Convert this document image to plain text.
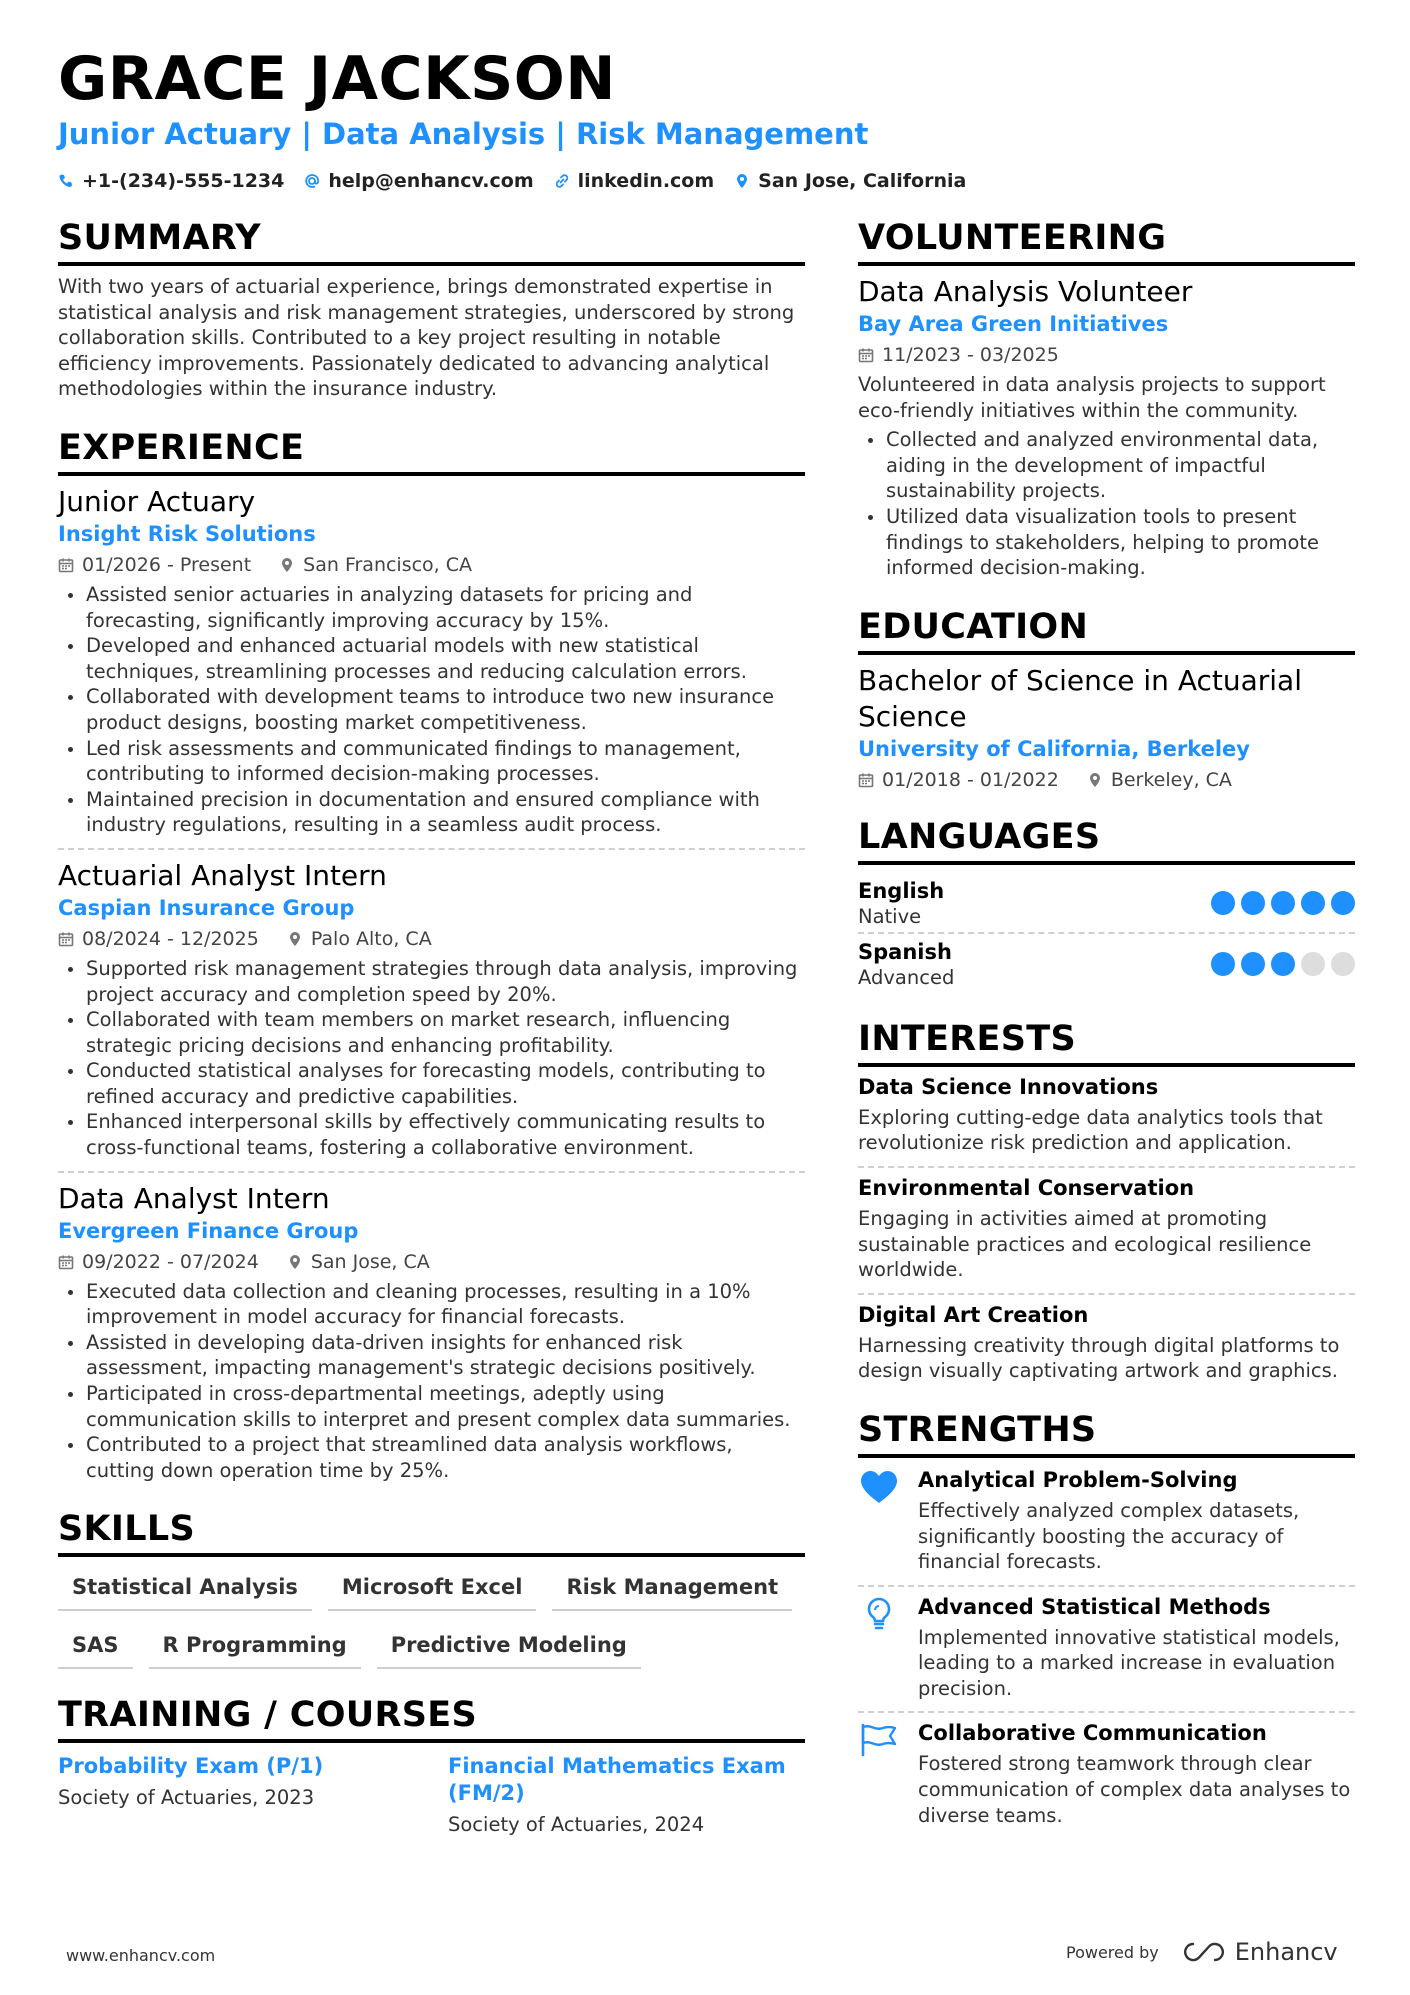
GRACE JACKSON
Junior Actuary | Data Analysis | Risk Management
+1-(234)-555-1234 help@enhancv.com linkedin.com San Jose, California
SUMMARY
With two years of actuarial experience, brings demonstrated expertise in statistical analysis and risk management strategies, underscored by strong collaboration skills. Contributed to a key project resulting in notable efficiency improvements. Passionately dedicated to advancing analytical methodologies within the insurance industry.
EXPERIENCE
Junior Actuary
Insight Risk Solutions
01/2026 - Present	San Francisco, CA
Assisted senior actuaries in analyzing datasets for pricing and forecasting, significantly improving accuracy by 15%.
Developed and enhanced actuarial models with new statistical techniques, streamlining processes and reducing calculation errors.
Collaborated with development teams to introduce two new insurance product designs, boosting market competitiveness.
Led risk assessments and communicated findings to management, contributing to informed decision-making processes.
Maintained precision in documentation and ensured compliance with industry regulations, resulting in a seamless audit process.
Actuarial Analyst Intern
Caspian Insurance Group
08/2024 - 12/2025	Palo Alto, CA
Supported risk management strategies through data analysis, improving project accuracy and completion speed by 20%.
Collaborated with team members on market research, influencing strategic pricing decisions and enhancing profitability.
Conducted statistical analyses for forecasting models, contributing to refined accuracy and predictive capabilities.
Enhanced interpersonal skills by effectively communicating results to cross-functional teams, fostering a collaborative environment.
Data Analyst Intern
Evergreen Finance Group
09/2022 - 07/2024	San Jose, CA
Executed data collection and cleaning processes, resulting in a 10% improvement in model accuracy for financial forecasts.
Assisted in developing data-driven insights for enhanced risk assessment, impacting management's strategic decisions positively.
Participated in cross-departmental meetings, adeptly using communication skills to interpret and present complex data summaries.
Contributed to a project that streamlined data analysis workflows, cutting down operation time by 25%.
SKILLS
Statistical Analysis	Microsoft Excel	Risk Management
SAS	R Programming	Predictive Modeling
TRAINING / COURSES
Probability Exam (P/1)
Society of Actuaries, 2023
Financial Mathematics Exam (FM/2)
Society of Actuaries, 2024
VOLUNTEERING
Data Analysis Volunteer
Bay Area Green Initiatives
11/2023 - 03/2025
Volunteered in data analysis projects to support eco-friendly initiatives within the community.
Collected and analyzed environmental data, aiding in the development of impactful sustainability projects.
Utilized data visualization tools to present findings to stakeholders, helping to promote informed decision-making.
EDUCATION
Bachelor of Science in Actuarial Science
University of California, Berkeley
01/2018 - 01/2022	Berkeley, CA
LANGUAGES
English
Native
Spanish
Advanced
INTERESTS
Data Science Innovations
Exploring cutting-edge data analytics tools that revolutionize risk prediction and application.
Environmental Conservation
Engaging in activities aimed at promoting sustainable practices and ecological resilience worldwide.
Digital Art Creation
Harnessing creativity through digital platforms to design visually captivating artwork and graphics.
STRENGTHS
Analytical Problem-Solving
Effectively analyzed complex datasets, significantly boosting the accuracy of financial forecasts.
Advanced Statistical Methods
Implemented innovative statistical models, leading to a marked increase in evaluation precision.
Collaborative Communication
Fostered strong teamwork through clear communication of complex data analyses to diverse teams.
www.enhancv.com	Powered by	Enhancv
